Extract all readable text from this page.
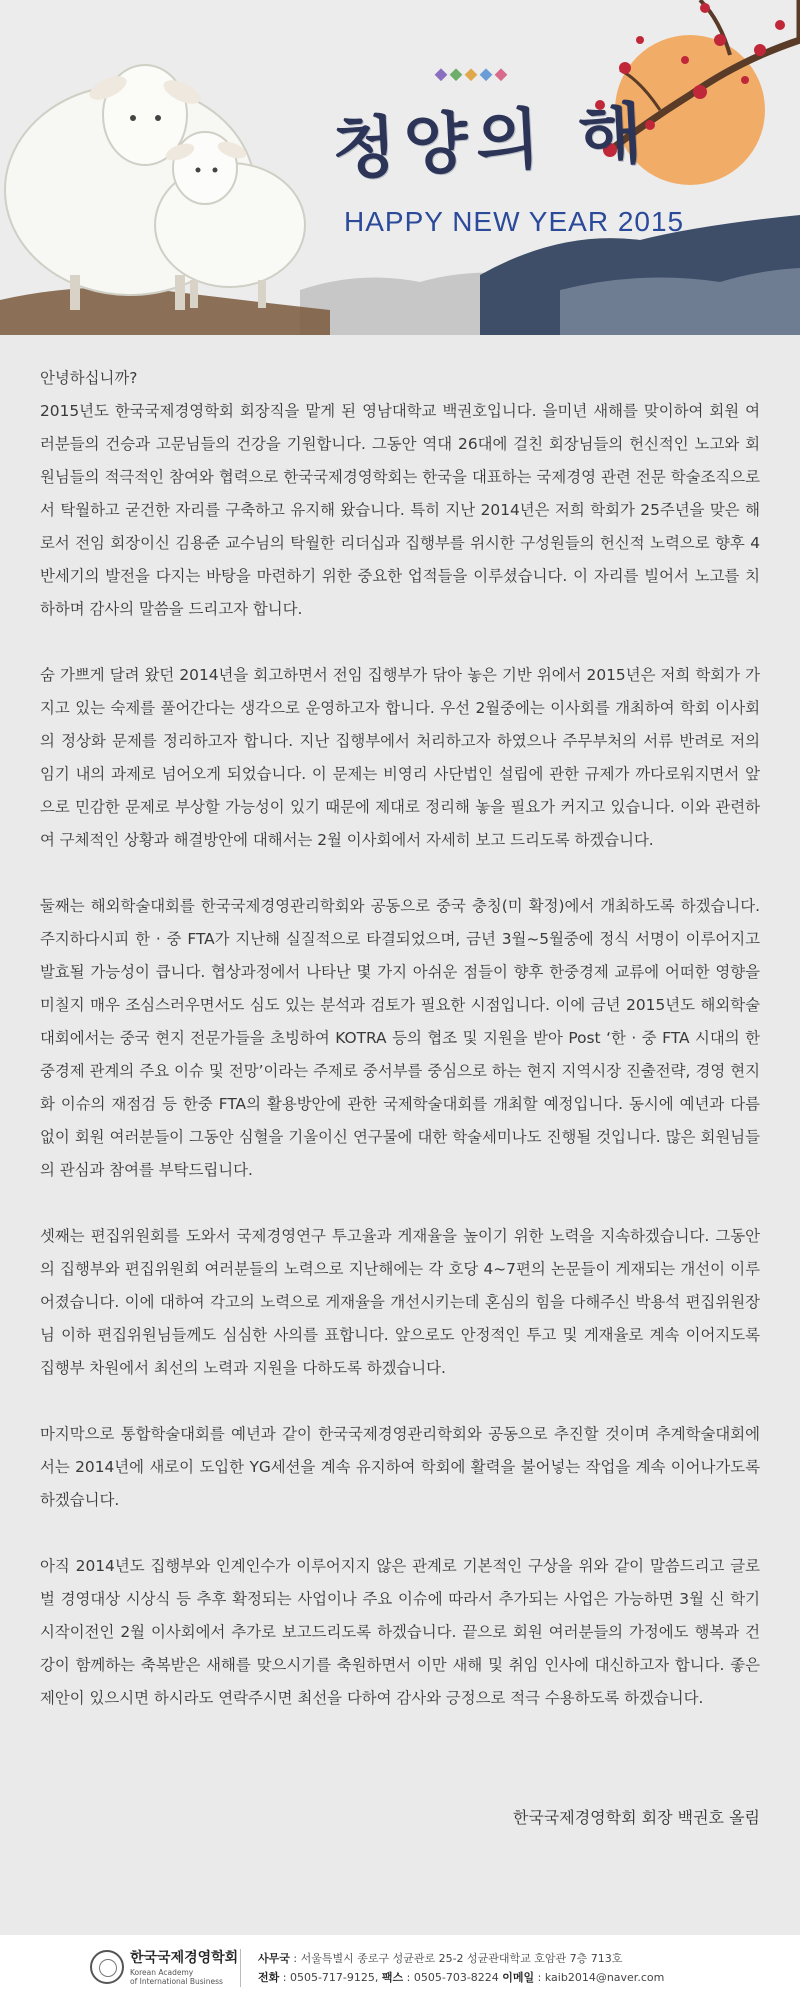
청양의 해
HAPPY NEW YEAR 2015

안녕하십니까?

2015년도 한국국제경영학회 회장직을 맡게 된 영남대학교 백권호입니다. 을미년 새해를 맞이하여 회원 여러분들의 건승과 고문님들의 건강을 기원합니다. 그동안 역대 26대에 걸친 회장님들의 헌신적인 노고와 회원님들의 적극적인 참여와 협력으로 한국국제경영학회는 한국을 대표하는 국제경영 관련 전문 학술조직으로서 탁월하고 굳건한 자리를 구축하고 유지해 왔습니다. 특히 지난 2014년은 저희 학회가 25주년을 맞은 해로서 전임 회장이신 김용준 교수님의 탁월한 리더십과 집행부를 위시한 구성원들의 헌신적 노력으로 향후 4반세기의 발전을 다지는 바탕을 마련하기 위한 중요한 업적들을 이루셨습니다. 이 자리를 빌어서 노고를 치하하며 감사의 말씀을 드리고자 합니다.

숨 가쁘게 달려 왔던 2014년을 회고하면서 전임 집행부가 닦아 놓은 기반 위에서 2015년은 저희 학회가 가지고 있는 숙제를 풀어간다는 생각으로 운영하고자 합니다. 우선 2월중에는 이사회를 개최하여 학회 이사회의 정상화 문제를 정리하고자 합니다. 지난 집행부에서 처리하고자 하였으나 주무부처의 서류 반려로 저의 임기 내의 과제로 넘어오게 되었습니다. 이 문제는 비영리 사단법인 설립에 관한 규제가 까다로워지면서 앞으로 민감한 문제로 부상할 가능성이 있기 때문에 제대로 정리해 놓을 필요가 커지고 있습니다. 이와 관련하여 구체적인 상황과 해결방안에 대해서는 2월 이사회에서 자세히 보고 드리도록 하겠습니다.

둘째는 해외학술대회를 한국국제경영관리학회와 공동으로 중국 충칭(미 확정)에서 개최하도록 하겠습니다. 주지하다시피 한 · 중 FTA가 지난해 실질적으로 타결되었으며, 금년 3월~5월중에 정식 서명이 이루어지고 발효될 가능성이 큽니다. 협상과정에서 나타난 몇 가지 아쉬운 점들이 향후 한중경제 교류에 어떠한 영향을 미칠지 매우 조심스러우면서도 심도 있는 분석과 검토가 필요한 시점입니다. 이에 금년 2015년도 해외학술대회에서는 중국 현지 전문가들을 초빙하여 KOTRA 등의 협조 및 지원을 받아 Post ‘한 · 중 FTA 시대의 한중경제 관계의 주요 이슈 및 전망’이라는 주제로 중서부를 중심으로 하는 현지 지역시장 진출전략, 경영 현지화 이슈의 재점검 등 한중 FTA의 활용방안에 관한 국제학술대회를 개최할 예정입니다. 동시에 예년과 다름없이 회원 여러분들이 그동안 심혈을 기울이신 연구물에 대한 학술세미나도 진행될 것입니다. 많은 회원님들의 관심과 참여를 부탁드립니다.

셋째는 편집위원회를 도와서 국제경영연구 투고율과 게재율을 높이기 위한 노력을 지속하겠습니다. 그동안의 집행부와 편집위원회 여러분들의 노력으로 지난해에는 각 호당 4~7편의 논문들이 게재되는 개선이 이루어졌습니다. 이에 대하여 각고의 노력으로 게재율을 개선시키는데 혼심의 힘을 다해주신 박용석 편집위원장님 이하 편집위원님들께도 심심한 사의를 표합니다. 앞으로도 안정적인 투고 및 게재율로 계속 이어지도록 집행부 차원에서 최선의 노력과 지원을 다하도록 하겠습니다.

마지막으로 통합학술대회를 예년과 같이 한국국제경영관리학회와 공동으로 추진할 것이며 추계학술대회에서는 2014년에 새로이 도입한 YG세션을 계속 유지하여 학회에 활력을 불어넣는 작업을 계속 이어나가도록 하겠습니다.

아직 2014년도 집행부와 인계인수가 이루어지지 않은 관계로 기본적인 구상을 위와 같이 말씀드리고 글로벌 경영대상 시상식 등 추후 확정되는 사업이나 주요 이슈에 따라서 추가되는 사업은 가능하면 3월 신 학기 시작이전인 2월 이사회에서 추가로 보고드리도록 하겠습니다. 끝으로 회원 여러분들의 가정에도 행복과 건강이 함께하는 축복받은 새해를 맞으시기를 축원하면서 이만 새해 및 취임 인사에 대신하고자 합니다. 좋은 제안이 있으시면 하시라도 연락주시면 최선을 다하여 감사와 긍정으로 적극 수용하도록 하겠습니다.

한국국제경영학회 회장 백권호 올림
한국국제경영학회
Korean Academy
of International Business
사무국 : 서울특별시 종로구 성균관로 25-2 성균관대학교 호암관 7층 713호
전화 : 0505-717-9125, 팩스 : 0505-703-8224 이메일 : kaib2014@naver.com
